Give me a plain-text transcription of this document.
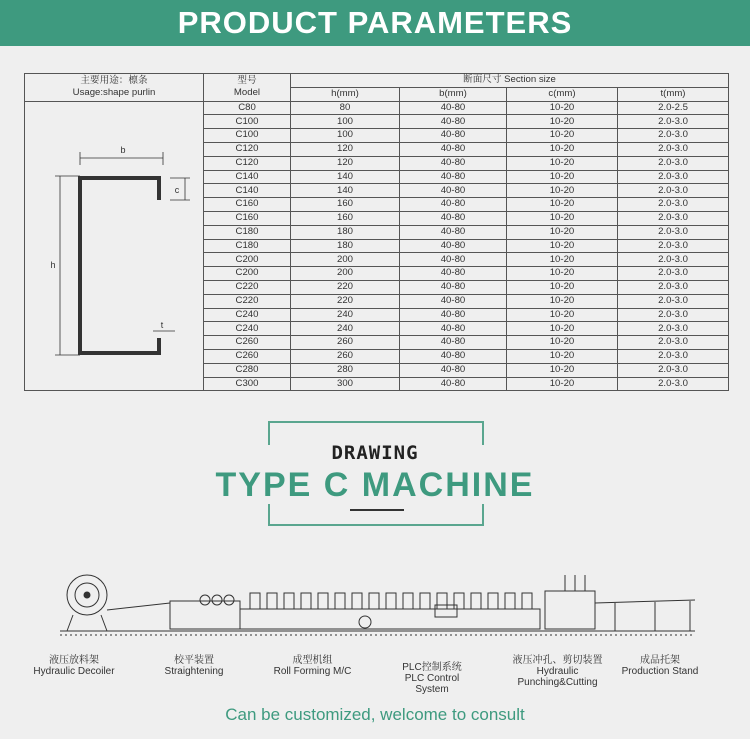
PRODUCT PARAMETERS
主要用途：檩条
Usage:shape purlin	型号
Model	断面尺寸 Section size			
		h(mm)	b(mm)	c(mm)	t(mm)

b
h
c
t	C80	80	40-80	10-20	2.0-2.5
	C100	100	40-80	10-20	2.0-3.0
	C100	100	40-80	10-20	2.0-3.0
	C120	120	40-80	10-20	2.0-3.0
	C120	120	40-80	10-20	2.0-3.0
	C140	140	40-80	10-20	2.0-3.0
	C140	140	40-80	10-20	2.0-3.0
	C160	160	40-80	10-20	2.0-3.0
	C160	160	40-80	10-20	2.0-3.0
	C180	180	40-80	10-20	2.0-3.0
	C180	180	40-80	10-20	2.0-3.0
	C200	200	40-80	10-20	2.0-3.0
	C200	200	40-80	10-20	2.0-3.0
	C220	220	40-80	10-20	2.0-3.0
	C220	220	40-80	10-20	2.0-3.0
	C240	240	40-80	10-20	2.0-3.0
	C240	240	40-80	10-20	2.0-3.0
	C260	260	40-80	10-20	2.0-3.0
	C260	260	40-80	10-20	2.0-3.0
	C280	280	40-80	10-20	2.0-3.0
	C300	300	40-80	10-20	2.0-3.0
DRAWING
TYPE C MACHINE
液压放料架
Hydraulic Decoiler
校平装置
Straightening
成型机组
Roll Forming M/C	PLC控制系统
PLC Control System
液压冲孔、剪切装置
Hydraulic Punching&Cutting
成品托架
Production Stand
Can be customized, welcome to consult
